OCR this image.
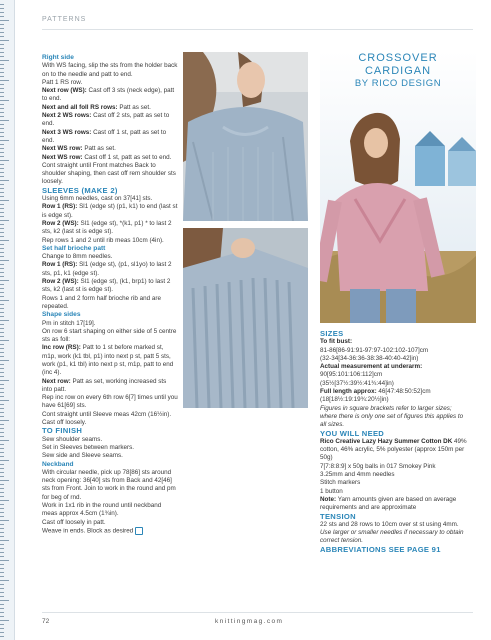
PATTERNS

Right side

With WS facing, slip the sts from the holder back on to the needle and patt to end.

Patt 1 RS row.

Next row (WS): Cast off 3 sts (neck edge), patt to end.

Next and all foll RS rows: Patt as set.

Next 2 WS rows: Cast off 2 sts, patt as set to end.

Next 3 WS rows: Cast off 1 st, patt as set to end.

Next WS row: Patt as set.

Next WS row: Cast off 1 st, patt as set to end.

Cont straight until Front matches Back to shoulder shaping, then cast off rem shoulder sts loosely.

SLEEVES (MAKE 2)

Using 6mm needles, cast on 37[41] sts.

Row 1 (RS): Sl1 (edge st) (p1, k1) to end (last st is edge st).

Row 2 (WS): Sl1 (edge st), *(k1, p1) * to last 2 sts, k2 (last st is edge st).

Rep rows 1 and 2 until rib meas 10cm (4in).

Set half brioche patt

Change to 8mm needles.

Row 1 (RS): Sl1 (edge st), (p1, sl1yo) to last 2 sts, p1, k1 (edge st).

Row 2 (WS): Sl1 (edge st), (k1, brp1) to last 2 sts, k2 (last st is edge st).

Rows 1 and 2 form half brioche rib and are repeated.

Shape sides

Pm in stitch 17[19].

On row 6 start shaping on either side of 5 centre sts as foll:

Inc row (RS): Patt to 1 st before marked st, m1p, work (k1 tbl, p1) into next p st, patt 5 sts, work (p1, k1 tbl) into next p st, m1p, patt to end (inc 4).

Next row: Patt as set, working increased sts into patt.

Rep inc row on every 6th row 6[7] times until you have 61[69] sts.

Cont straight until Sleeve meas 42cm (16½in).

Cast off loosely.

TO FINISH

Sew shoulder seams.

Set in Sleeves between markers.

Sew side and Sleeve seams.

Neckband

With circular needle, pick up 78[86] sts around neck opening: 36[40] sts from Back and 42[46] sts from Front. Join to work in the round and pm for beg of rnd.

Work in 1x1 rib in the round until neckband meas approx 4.5cm (1¾in).

Cast off loosely in patt.

Weave in ends. Block as desired

CROSSOVER
CARDIGAN
BY RICO DESIGN

SIZES

To fit bust:

81-86[86-91:91-97:97-102:102-107]cm

(32-34[34-36:36-38:38-40:40-42]in)

Actual measurement at underarm: 90[95:101:106:112]cm

(35½[37½:39½:41¾:44]in)

Full length approx: 46[47:48:50:52]cm

(18[18½:19:19¾:20½]in)

Figures in square brackets refer to larger sizes; where there is only one set of figures this applies to all sizes.

YOU WILL NEED

Rico Creative Lazy Hazy Summer Cotton DK 49% cotton, 46% acrylic, 5% polyester (approx 150m per 50g)

7[7:8:8:9] x 50g balls in 017 Smokey Pink

3.25mm and 4mm needles

Stitch markers

1 button

Note: Yarn amounts given are based on average requirements and are approximate

TENSION

22 sts and 28 rows to 10cm over st st using 4mm.

Use larger or smaller needles if necessary to obtain correct tension.

ABBREVIATIONS SEE PAGE 91

72	knittingmag.com
